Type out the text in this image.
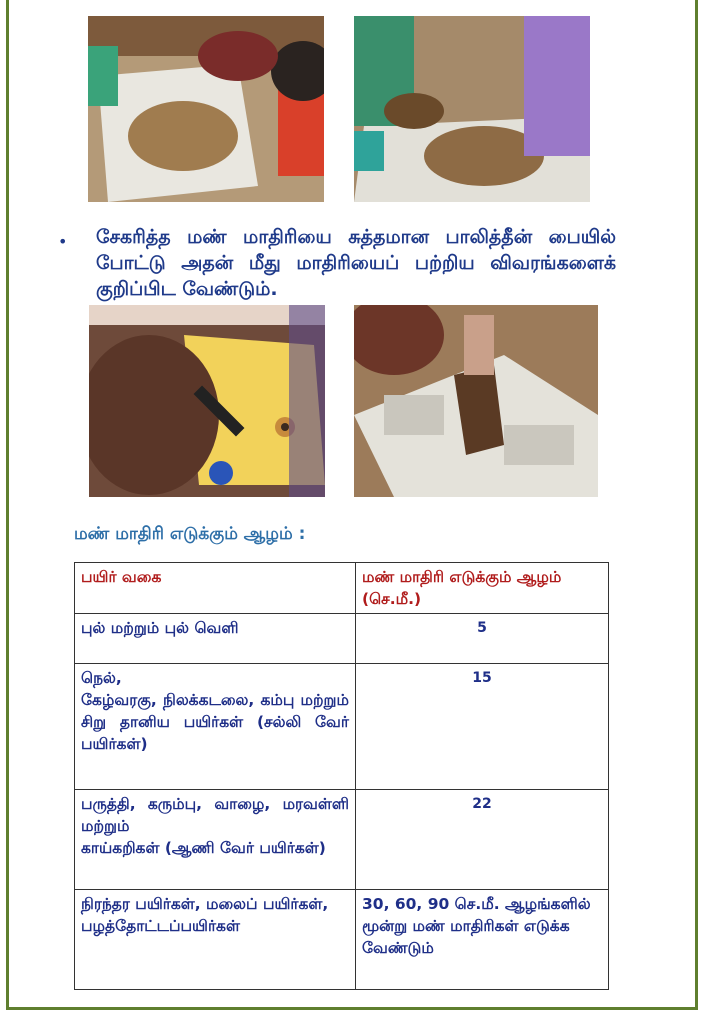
• சேகரித்த மண் மாதிரியை சுத்தமான பாலித்தீன் பையில் போட்டு அதன் மீது மாதிரியைப் பற்றிய விவரங்களைக் குறிப்பிட வேண்டும்.

மண் மாதிரி எடுக்கும் ஆழம் :

பயிர் வகை	மண் மாதிரி எடுக்கும் ஆழம் (செ.மீ.)
புல் மற்றும் புல் வெளி	5
நெல்,
கேழ்வரகு, நிலக்கடலை, கம்பு மற்றும் சிறு தானிய பயிர்கள் (சல்லி வேர் பயிர்கள்)	15
பருத்தி, கரும்பு, வாழை, மரவள்ளி மற்றும்
காய்கறிகள் (ஆணி வேர் பயிர்கள்)	22
நிரந்தர பயிர்கள், மலைப் பயிர்கள்,
பழத்தோட்டப்பயிர்கள்	30, 60, 90 செ.மீ. ஆழங்களில் மூன்று மண் மாதிரிகள் எடுக்க வேண்டும்
